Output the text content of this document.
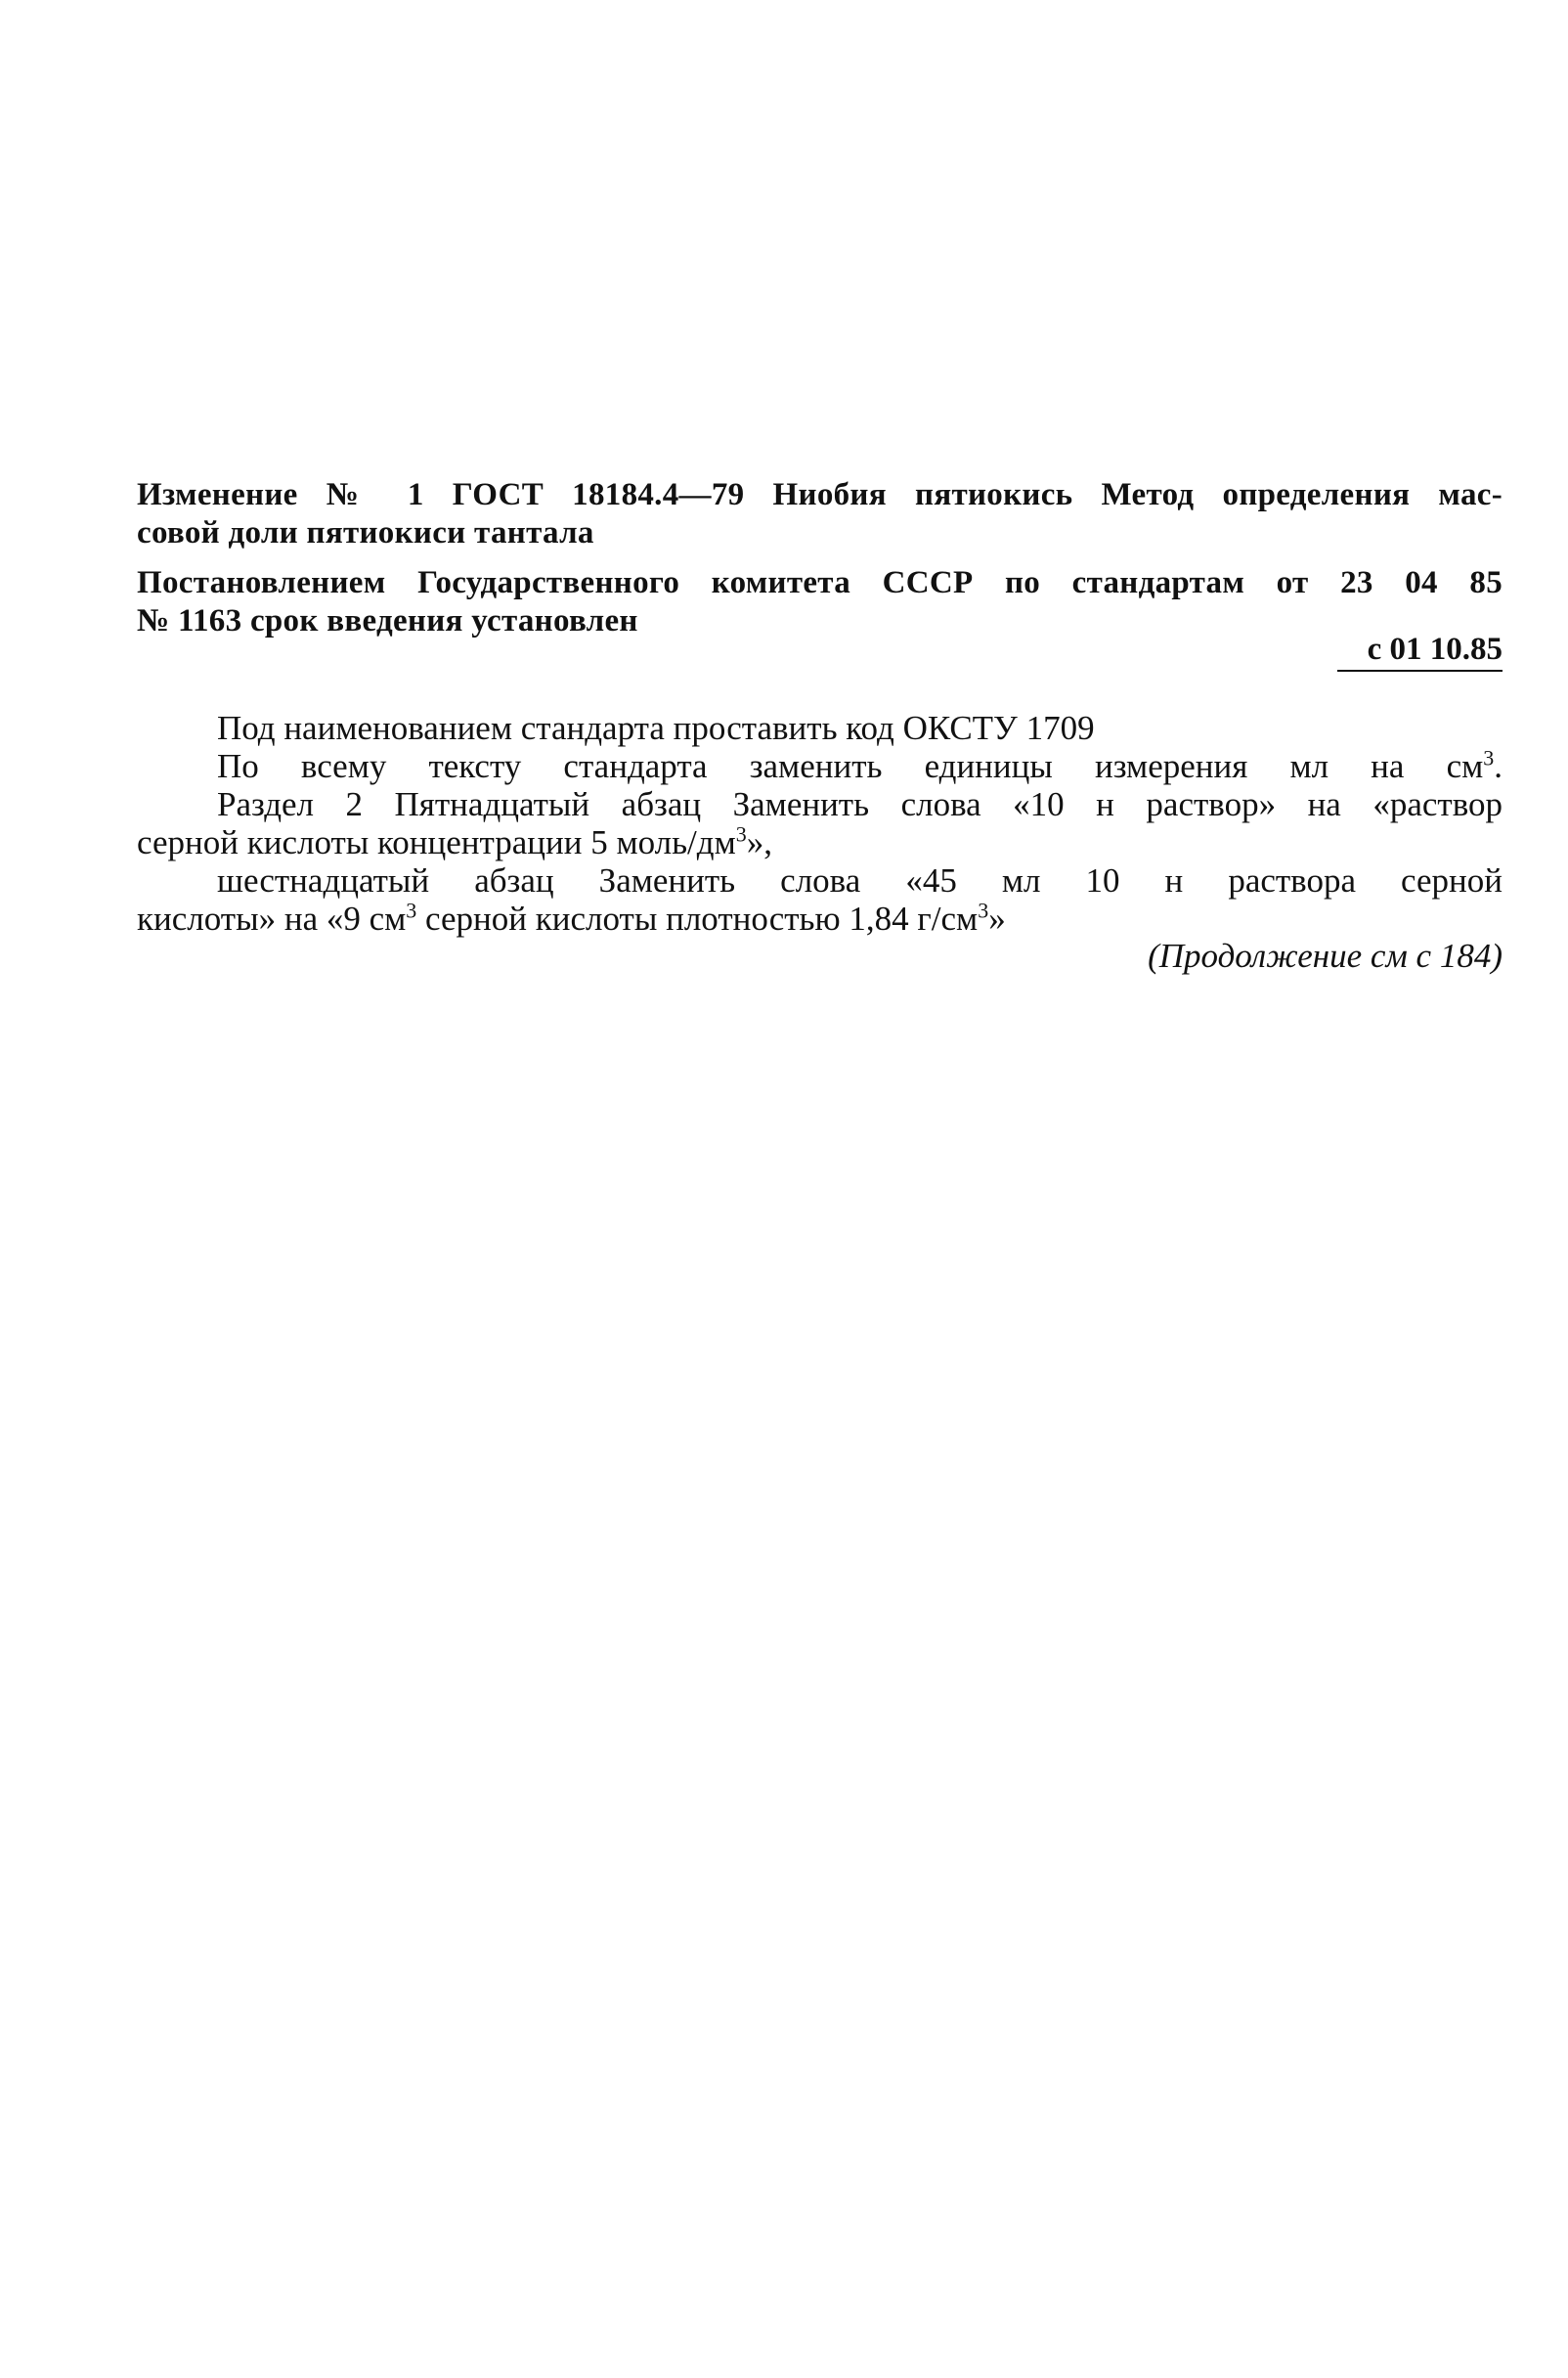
Изменение № 1 ГОСТ 18184.4—79 Ниобия пятиокись Метод определения мас-
совой доли пятиокиси тантала
Постановлением Государственного комитета СССР по стандартам от 23 04 85
№ 1163 срок введения установлен
с 01 10.85
Под наименованием стандарта проставить код ОКСТУ 1709
По всему тексту стандарта заменить единицы измерения мл на $см^3$.
Раздел 2 Пятнадцатый абзац Заменить слова «10 н раствор» на «раствор
серной кислоты концентрации 5 моль/$дм^3$»,
шестнадцатый абзац Заменить слова «45 мл 10 н раствора серной
кислоты» на «9 $см^3$ серной кислоты плотностью 1,84 $г/см^3$»
(Продолжение см с 184)
